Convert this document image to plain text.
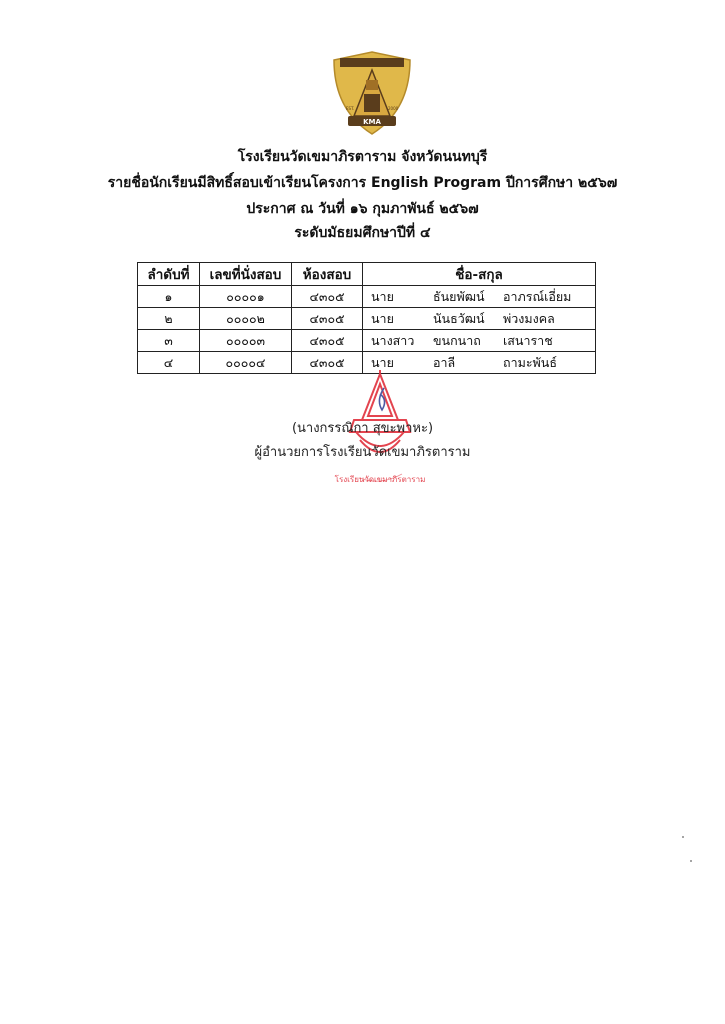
KMA
EST.	2000
โรงเรียนวัดเขมาภิรตาราม จังหวัดนนทบุรี
รายชื่อนักเรียนมีสิทธิ์สอบเข้าเรียนโครงการ English Program ปีการศึกษา ๒๕๖๗
ประกาศ ณ วันที่ ๑๖ กุมภาพันธ์ ๒๕๖๗
ระดับมัธยมศึกษาปีที่ ๔
ลำดับที่	เลขที่นั่งสอบ	ห้องสอบ	ชื่อ-สกุล
๑	๐๐๐๐๑	๔๓๐๕	นาย ธันยพัฒน์ อาภรณ์เอี่ยม

๒	๐๐๐๐๒	๔๓๐๕	นาย นันธวัฒน์ พ่วงมงคล

๓	๐๐๐๐๓	๔๓๐๕	นางสาว ขนกนาถ เสนาราช

๔	๐๐๐๐๔	๔๓๐๕	นาย อาลี ถามะพันธ์
โรงเรียนวัดเขมาภิรตาราม
(นางกรรณิกา สุขะพาหะ)
ผู้อำนวยการโรงเรียนวัดเขมาภิรตาราม
